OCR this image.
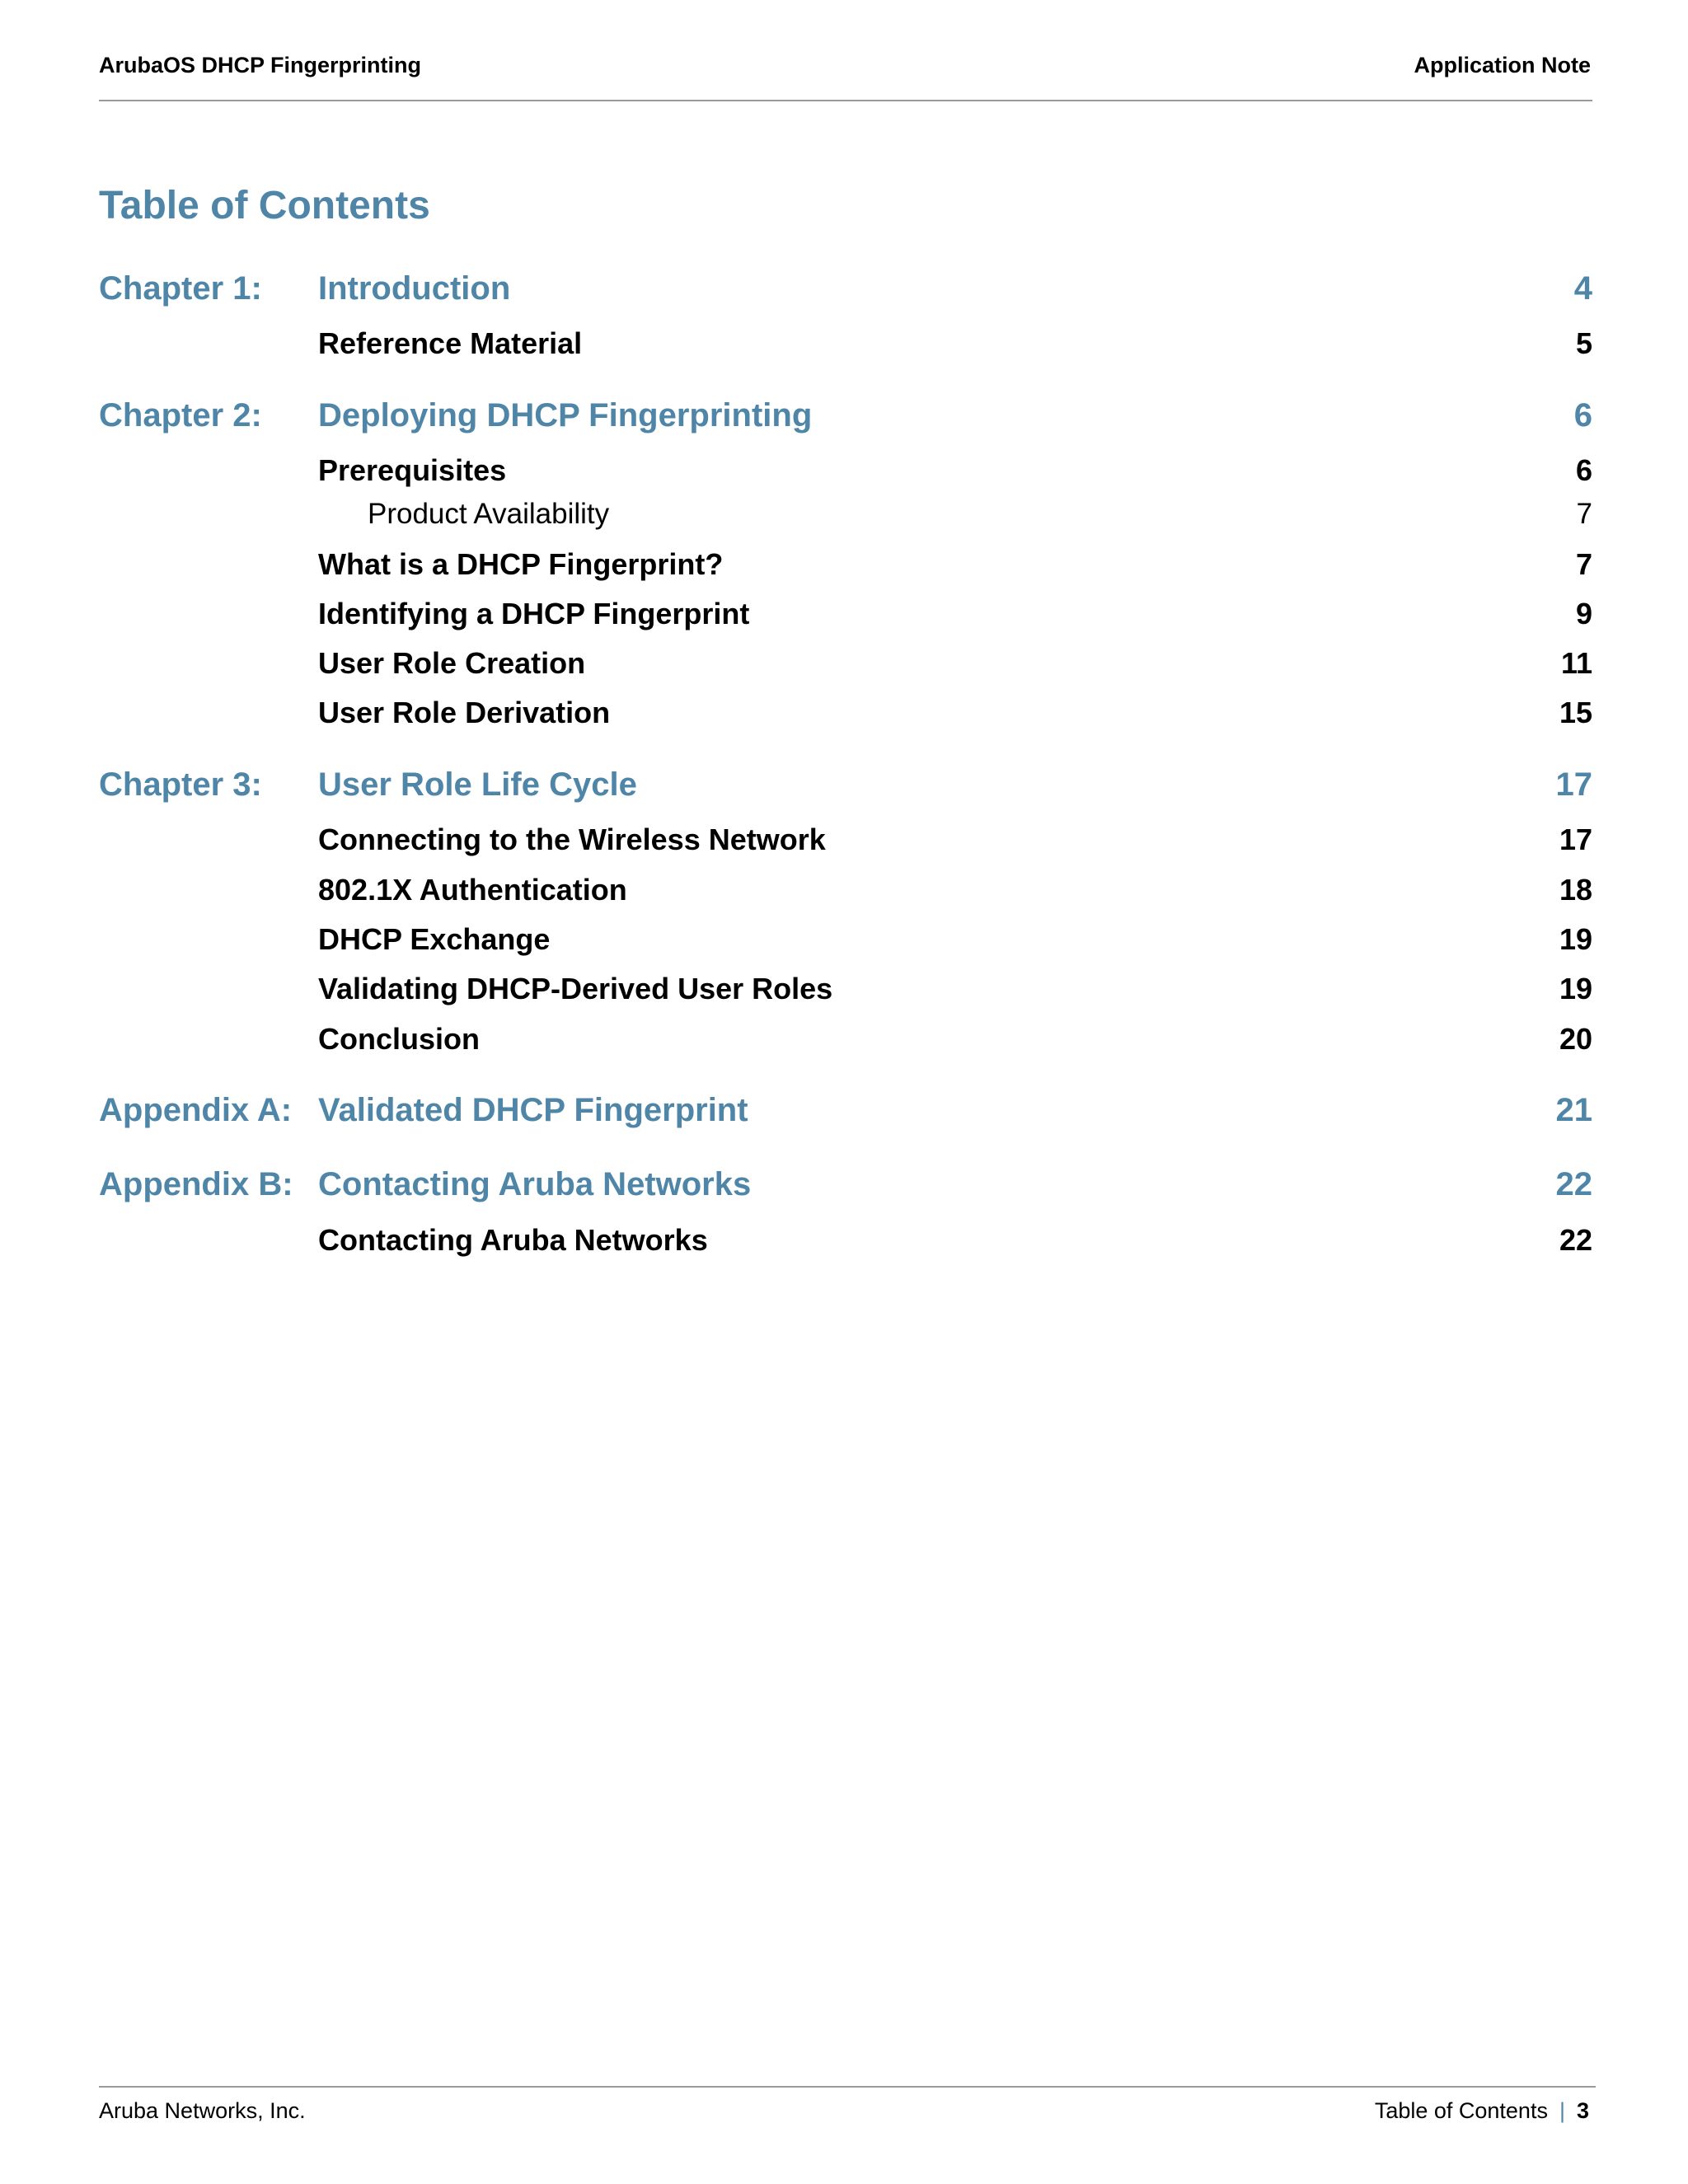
ArubaOS DHCP Fingerprinting	Application Note
Table of Contents
Chapter 1: Introduction	4
Reference Material	5
Chapter 2: Deploying DHCP Fingerprinting	6
Prerequisites	6
Product Availability	7
What is a DHCP Fingerprint?	7
Identifying a DHCP Fingerprint	9
User Role Creation	11
User Role Derivation	15
Chapter 3: User Role Life Cycle	17
Connecting to the Wireless Network	17
802.1X Authentication	18
DHCP Exchange	19
Validating DHCP-Derived User Roles	19
Conclusion	20
Appendix A: Validated DHCP Fingerprint	21
Appendix B: Contacting Aruba Networks	22
Contacting Aruba Networks	22
Aruba Networks, Inc.	Table of Contents | 3
